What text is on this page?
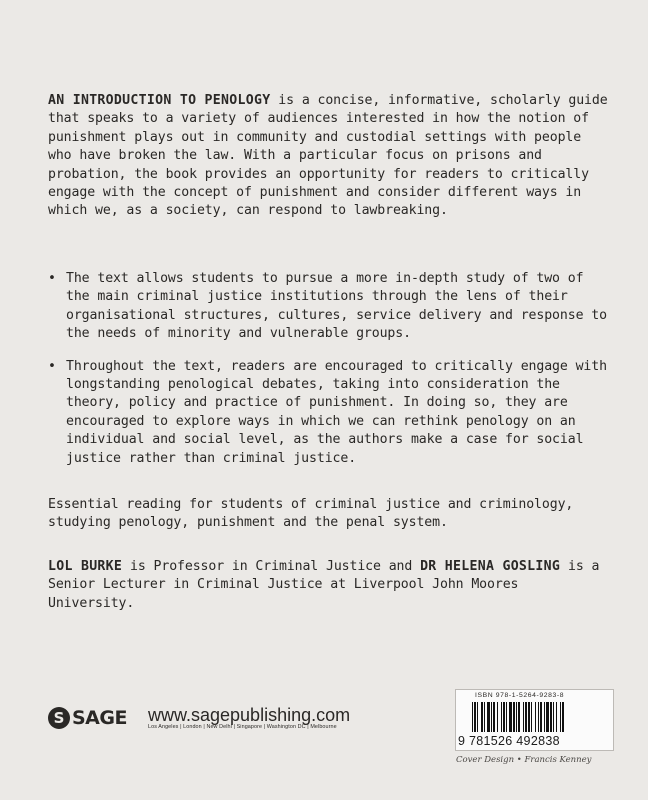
AN INTRODUCTION TO PENOLOGY is a concise, informative, scholarly guide that speaks to a variety of audiences interested in how the notion of punishment plays out in community and custodial settings with people who have broken the law. With a particular focus on prisons and probation, the book provides an opportunity for readers to critically engage with the concept of punishment and consider different ways in which we, as a society, can respond to lawbreaking.

• The text allows students to pursue a more in-depth study of two of the main criminal justice institutions through the lens of their organisational structures, cultures, service delivery and response to the needs of minority and vulnerable groups.
• Throughout the text, readers are encouraged to critically engage with longstanding penological debates, taking into consideration the theory, policy and practice of punishment. In doing so, they are encouraged to explore ways in which we can rethink penology on an individual and social level, as the authors make a case for social justice rather than criminal justice.
Essential reading for students of criminal justice and criminology, studying penology, punishment and the penal system.

LOL BURKE is Professor in Criminal Justice and DR HELENA GOSLING is a Senior Lecturer in Criminal Justice at Liverpool John Moores University.

S SAGE www.sagepublishing.com
Los Angeles | London | New Delhi | Singapore | Washington DC | Melbourne
ISBN 978-1-5264-9283-8
9 781526 492838
Cover Design • Francis Kenney
